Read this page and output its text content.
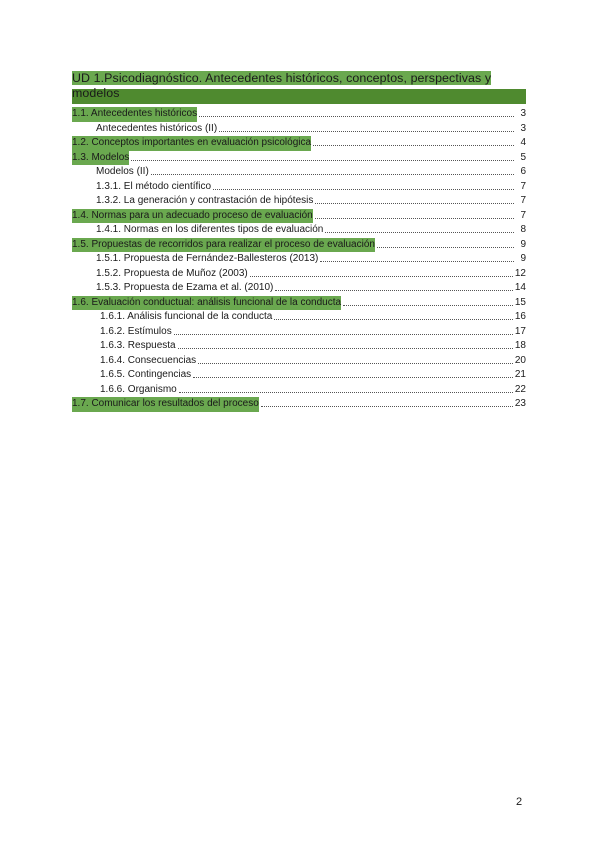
UD 1.Psicodiagnóstico. Antecedentes históricos, conceptos, perspectivas y
modelos
1.1. Antecedentes históricos	3
Antecedentes históricos (II)	3
1.2. Conceptos importantes en evaluación psicológica	4
1.3. Modelos	5
Modelos (II)	6
1.3.1. El método científico	7
1.3.2. La generación y contrastación de hipótesis	7
1.4. Normas para un adecuado proceso de evaluación	7
1.4.1. Normas en los diferentes tipos de evaluación	8
1.5. Propuestas de recorridos para realizar el proceso de evaluación	9
1.5.1. Propuesta de Fernández-Ballesteros (2013)	9
1.5.2. Propuesta de Muñoz (2003)	12
1.5.3. Propuesta de Ezama et al. (2010)	14
1.6. Evaluación conductual: análisis funcional de la conducta	15
1.6.1. Análisis funcional de la conducta	16
1.6.2. Estímulos	17
1.6.3. Respuesta	18
1.6.4. Consecuencias	20
1.6.5. Contingencias	21
1.6.6. Organismo	22
1.7. Comunicar los resultados del proceso	23
2
